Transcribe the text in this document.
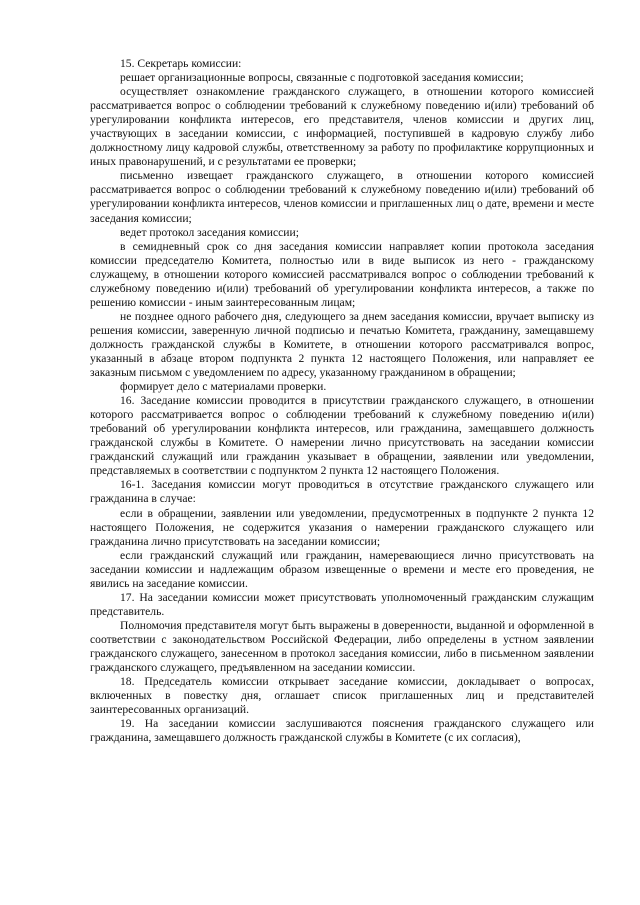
15. Секретарь комиссии:

решает организационные вопросы, связанные с подготовкой заседания комиссии;

осуществляет ознакомление гражданского служащего, в отношении которого комиссией рассматривается вопрос о соблюдении требований к служебному поведению и(или) требований об урегулировании конфликта интересов, его представителя, членов комиссии и других лиц, участвующих в заседании комиссии, с информацией, поступившей в кадровую службу либо должностному лицу кадровой службы, ответственному за работу по профилактике коррупционных и иных правонарушений, и с результатами ее проверки;

письменно извещает гражданского служащего, в отношении которого комиссией рассматривается вопрос о соблюдении требований к служебному поведению и(или) требований об урегулировании конфликта интересов, членов комиссии и приглашенных лиц о дате, времени и месте заседания комиссии;

ведет протокол заседания комиссии;

в семидневный срок со дня заседания комиссии направляет копии протокола заседания комиссии председателю Комитета, полностью или в виде выписок из него - гражданскому служащему, в отношении которого комиссией рассматривался вопрос о соблюдении требований к служебному поведению и(или) требований об урегулировании конфликта интересов, а также по решению комиссии - иным заинтересованным лицам;

не позднее одного рабочего дня, следующего за днем заседания комиссии, вручает выписку из решения комиссии, заверенную личной подписью и печатью Комитета, гражданину, замещавшему должность гражданской службы в Комитете, в отношении которого рассматривался вопрос, указанный в абзаце втором подпункта 2 пункта 12 настоящего Положения, или направляет ее заказным письмом с уведомлением по адресу, указанному гражданином в обращении;

формирует дело с материалами проверки.

16. Заседание комиссии проводится в присутствии гражданского служащего, в отношении которого рассматривается вопрос о соблюдении требований к служебному поведению и(или) требований об урегулировании конфликта интересов, или гражданина, замещавшего должность гражданской службы в Комитете. О намерении лично присутствовать на заседании комиссии гражданский служащий или гражданин указывает в обращении, заявлении или уведомлении, представляемых в соответствии с подпунктом 2 пункта 12 настоящего Положения.

16-1. Заседания комиссии могут проводиться в отсутствие гражданского служащего или гражданина в случае:

если в обращении, заявлении или уведомлении, предусмотренных в подпункте 2 пункта 12 настоящего Положения, не содержится указания о намерении гражданского служащего или гражданина лично присутствовать на заседании комиссии;

если гражданский служащий или гражданин, намеревающиеся лично присутствовать на заседании комиссии и надлежащим образом извещенные о времени и месте его проведения, не явились на заседание комиссии.

17. На заседании комиссии может присутствовать уполномоченный гражданским служащим представитель.

Полномочия представителя могут быть выражены в доверенности, выданной и оформленной в соответствии с законодательством Российской Федерации, либо определены в устном заявлении гражданского служащего, занесенном в протокол заседания комиссии, либо в письменном заявлении гражданского служащего, предъявленном на заседании комиссии.

18. Председатель комиссии открывает заседание комиссии, докладывает о вопросах, включенных в повестку дня, оглашает список приглашенных лиц и представителей заинтересованных организаций.

19. На заседании комиссии заслушиваются пояснения гражданского служащего или гражданина, замещавшего должность гражданской службы в Комитете (с их согласия),
